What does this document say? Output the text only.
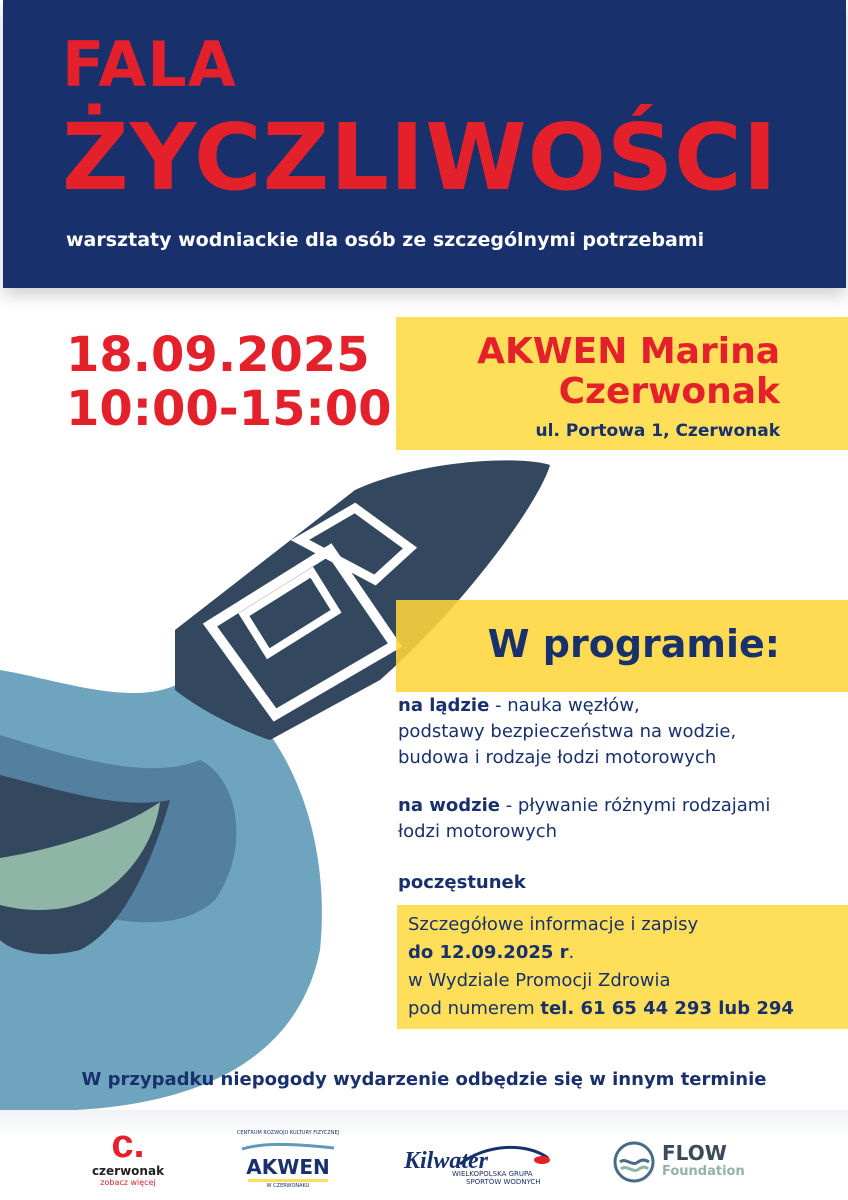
FALA
ŻYCZLIWOŚCI
warsztaty wodniackie dla osób ze szczególnymi potrzebami
18.09.2025
10:00-15:00
AKWEN Marina
Czerwonak
ul. Portowa 1, Czerwonak
W programie:
na lądzie - nauka węzłów,
podstawy bezpieczeństwa na wodzie,
budowa i rodzaje łodzi motorowych
na wodzie - pływanie różnymi rodzajami
łodzi motorowych
poczęstunek
Szczegółowe informacje i zapisy
do 12.09.2025 r.
w Wydziale Promocji Zdrowia
pod numerem tel. 61 65 44 293 lub 294
W przypadku niepogody wydarzenie odbędzie się w innym terminie
c.
czerwonak
zobacz więcej
CENTRUM ROZWOJU KULTURY FIZYCZNEJ
AKWEN
W CZERWONAKU
Kilwater
WIELKOPOLSKA GRUPA
SPORTÓW WODNYCH
FLOW
Foundation
